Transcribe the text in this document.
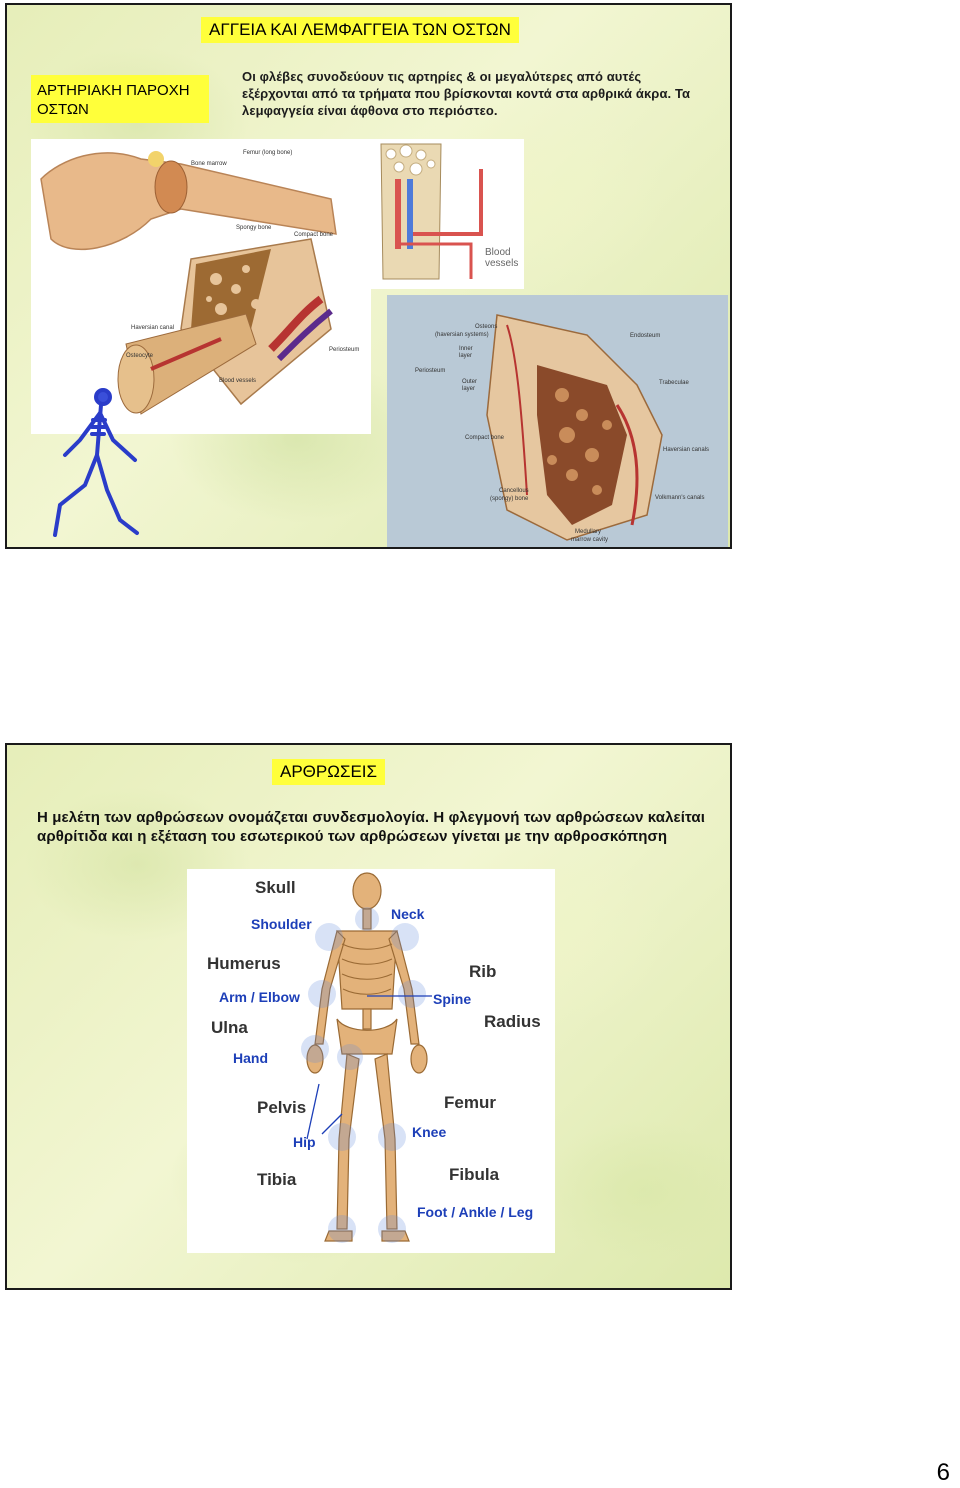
ΑΓΓΕΙΑ ΚΑΙ ΛΕΜΦΑΓΓΕΙΑ ΤΩΝ ΟΣΤΩΝ
ΑΡΤΗΡΙΑΚΗ ΠΑΡΟΧΗ ΟΣΤΩΝ
Οι φλέβες συνοδεύουν τις αρτηρίες & οι μεγαλύτερες από αυτές εξέρχονται από τα τρήματα που βρίσκονται κοντά στα αρθρικά άκρα. Τα λεμφαγγεία είναι άφθονα στο περιόστεο.
Bone marrow
Femur (long bone)
Spongy bone
Compact bone
Haversian canal
Osteocyte
Periosteum
Blood vessels
Blood
vessels
Osteons
(haversian systems)
Inner
layer
Periosteum
Outer
layer
Endosteum
Trabeculae
Compact bone
Haversian canals
Cancellous
(spongy) bone	Volkmann's canals
Medullary
marrow cavity
ΑΡΘΡΩΣΕΙΣ
Η μελέτη των αρθρώσεων ονομάζεται συνδεσμολογία. Η φλεγμονή των αρθρώσεων καλείται αρθρίτιδα και η εξέταση του εσωτερικού των αρθρώσεων γίνεται με την αρθροσκόπηση
Skull
Shoulder
Neck
Humerus	Rib
Arm / Elbow	Spine
Ulna	Radius
Hand
Pelvis	Femur
Hip
Knee
Tibia	Fibula
Foot / Ankle / Leg
6
